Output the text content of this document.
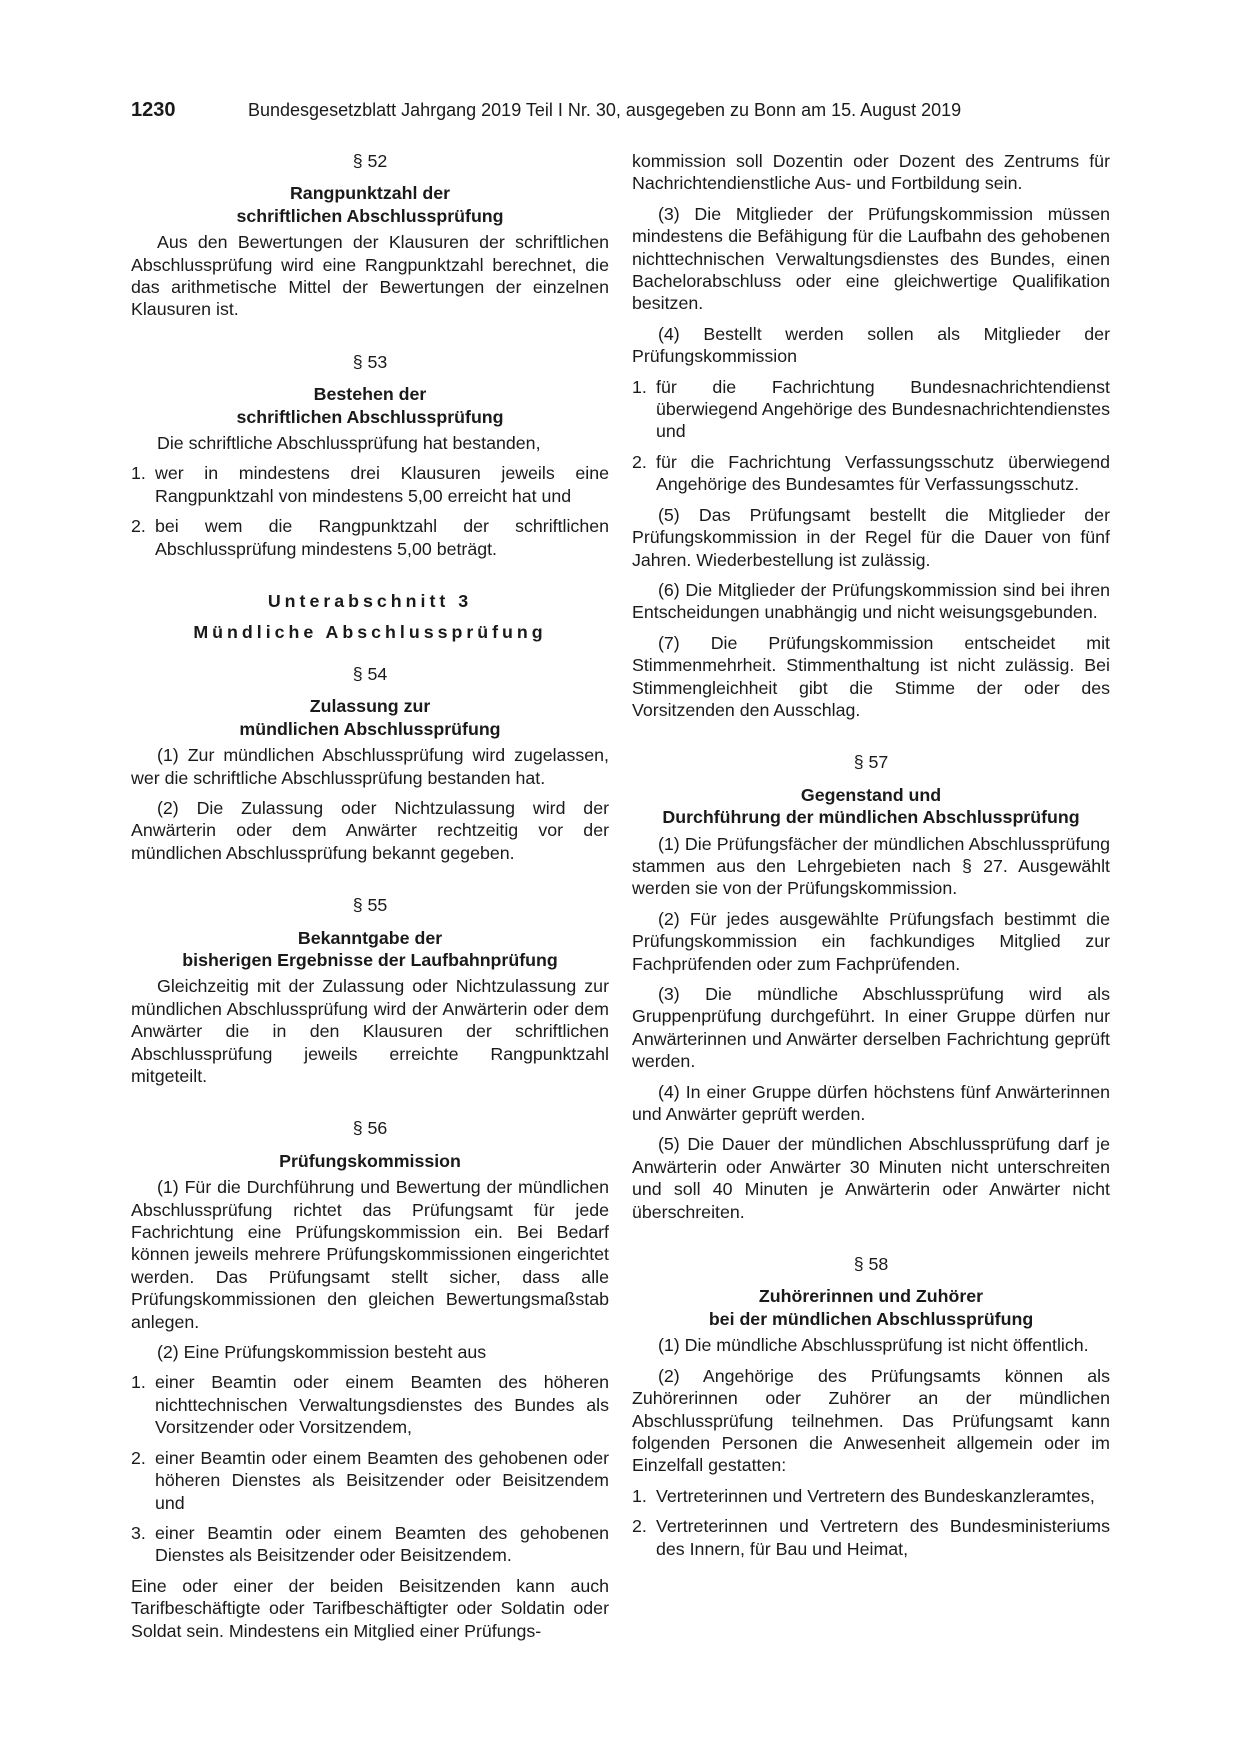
1230	Bundesgesetzblatt Jahrgang 2019 Teil I Nr. 30, ausgegeben zu Bonn am 15. August 2019
§ 52
Rangpunktzahl der
schriftlichen Abschlussprüfung

Aus den Bewertungen der Klausuren der schriftlichen Abschlussprüfung wird eine Rangpunktzahl berechnet, die das arithmetische Mittel der Bewertungen der einzelnen Klausuren ist.

§ 53
Bestehen der
schriftlichen Abschlussprüfung

Die schriftliche Abschlussprüfung hat bestanden,

1. wer in mindestens drei Klausuren jeweils eine Rangpunktzahl von mindestens 5,00 erreicht hat und
2. bei wem die Rangpunktzahl der schriftlichen Abschlussprüfung mindestens 5,00 beträgt.
Unterabschnitt 3
Mündliche Abschlussprüfung
§ 54
Zulassung zur
mündlichen Abschlussprüfung

(1) Zur mündlichen Abschlussprüfung wird zugelassen, wer die schriftliche Abschlussprüfung bestanden hat.

(2) Die Zulassung oder Nichtzulassung wird der Anwärterin oder dem Anwärter rechtzeitig vor der mündlichen Abschlussprüfung bekannt gegeben.

§ 55
Bekanntgabe der
bisherigen Ergebnisse der Laufbahnprüfung

Gleichzeitig mit der Zulassung oder Nichtzulassung zur mündlichen Abschlussprüfung wird der Anwärterin oder dem Anwärter die in den Klausuren der schriftlichen Abschlussprüfung jeweils erreichte Rangpunktzahl mitgeteilt.

§ 56
Prüfungskommission

(1) Für die Durchführung und Bewertung der mündlichen Abschlussprüfung richtet das Prüfungsamt für jede Fachrichtung eine Prüfungskommission ein. Bei Bedarf können jeweils mehrere Prüfungskommissionen eingerichtet werden. Das Prüfungsamt stellt sicher, dass alle Prüfungskommissionen den gleichen Bewertungsmaßstab anlegen.

(2) Eine Prüfungskommission besteht aus

1. einer Beamtin oder einem Beamten des höheren nichttechnischen Verwaltungsdienstes des Bundes als Vorsitzender oder Vorsitzendem,
2. einer Beamtin oder einem Beamten des gehobenen oder höheren Dienstes als Beisitzender oder Beisitzendem und
3. einer Beamtin oder einem Beamten des gehobenen Dienstes als Beisitzender oder Beisitzendem.

Eine oder einer der beiden Beisitzenden kann auch Tarifbeschäftigte oder Tarifbeschäftigter oder Soldatin oder Soldat sein. Mindestens ein Mitglied einer Prüfungs-

kommission soll Dozentin oder Dozent des Zentrums für Nachrichtendienstliche Aus- und Fortbildung sein.

(3) Die Mitglieder der Prüfungskommission müssen mindestens die Befähigung für die Laufbahn des gehobenen nichttechnischen Verwaltungsdienstes des Bundes, einen Bachelorabschluss oder eine gleichwertige Qualifikation besitzen.

(4) Bestellt werden sollen als Mitglieder der Prüfungskommission

1. für die Fachrichtung Bundesnachrichtendienst überwiegend Angehörige des Bundesnachrichtendienstes und
2. für die Fachrichtung Verfassungsschutz überwiegend Angehörige des Bundesamtes für Verfassungsschutz.

(5) Das Prüfungsamt bestellt die Mitglieder der Prüfungskommission in der Regel für die Dauer von fünf Jahren. Wiederbestellung ist zulässig.

(6) Die Mitglieder der Prüfungskommission sind bei ihren Entscheidungen unabhängig und nicht weisungsgebunden.

(7) Die Prüfungskommission entscheidet mit Stimmenmehrheit. Stimmenthaltung ist nicht zulässig. Bei Stimmengleichheit gibt die Stimme der oder des Vorsitzenden den Ausschlag.

§ 57
Gegenstand und
Durchführung der mündlichen Abschlussprüfung

(1) Die Prüfungsfächer der mündlichen Abschlussprüfung stammen aus den Lehrgebieten nach § 27. Ausgewählt werden sie von der Prüfungskommission.

(2) Für jedes ausgewählte Prüfungsfach bestimmt die Prüfungskommission ein fachkundiges Mitglied zur Fachprüfenden oder zum Fachprüfenden.

(3) Die mündliche Abschlussprüfung wird als Gruppenprüfung durchgeführt. In einer Gruppe dürfen nur Anwärterinnen und Anwärter derselben Fachrichtung geprüft werden.

(4) In einer Gruppe dürfen höchstens fünf Anwärterinnen und Anwärter geprüft werden.

(5) Die Dauer der mündlichen Abschlussprüfung darf je Anwärterin oder Anwärter 30 Minuten nicht unterschreiten und soll 40 Minuten je Anwärterin oder Anwärter nicht überschreiten.

§ 58
Zuhörerinnen und Zuhörer
bei der mündlichen Abschlussprüfung

(1) Die mündliche Abschlussprüfung ist nicht öffentlich.

(2) Angehörige des Prüfungsamts können als Zuhörerinnen oder Zuhörer an der mündlichen Abschlussprüfung teilnehmen. Das Prüfungsamt kann folgenden Personen die Anwesenheit allgemein oder im Einzelfall gestatten:

1. Vertreterinnen und Vertretern des Bundeskanzleramtes,
2. Vertreterinnen und Vertretern des Bundesministeriums des Innern, für Bau und Heimat,
